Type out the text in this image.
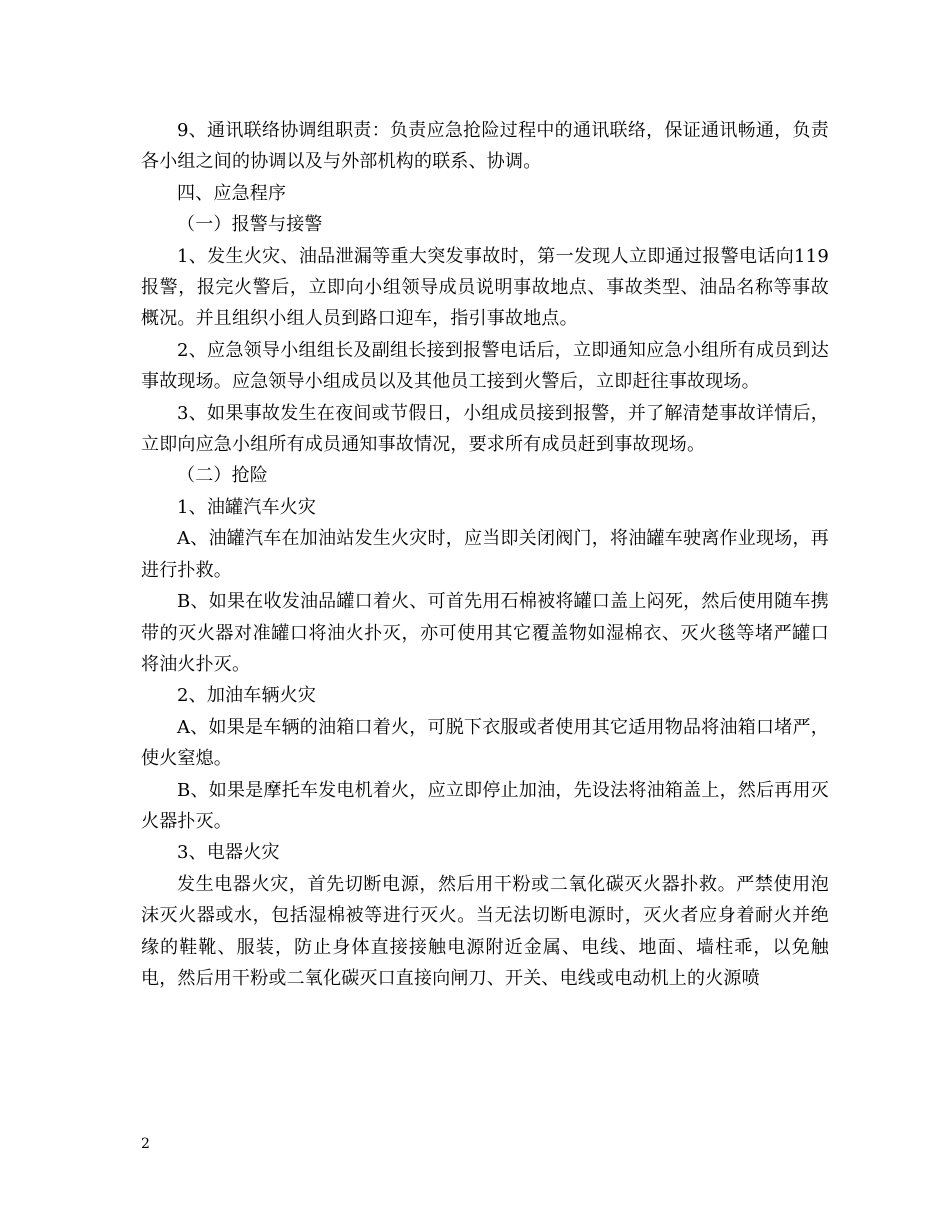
9、通讯联络协调组职责：负责应急抢险过程中的通讯联络，保证通讯畅通，负责各小组之间的协调以及与外部机构的联系、协调。

四、应急程序

（一）报警与接警

1、发生火灾、油品泄漏等重大突发事故时，第一发现人立即通过报警电话向119报警，报完火警后，立即向小组领导成员说明事故地点、事故类型、油品名称等事故概况。并且组织小组人员到路口迎车，指引事故地点。

2、应急领导小组组长及副组长接到报警电话后，立即通知应急小组所有成员到达事故现场。应急领导小组成员以及其他员工接到火警后，立即赶往事故现场。

3、如果事故发生在夜间或节假日，小组成员接到报警，并了解清楚事故详情后，立即向应急小组所有成员通知事故情况，要求所有成员赶到事故现场。

（二）抢险

1、油罐汽车火灾

A、油罐汽车在加油站发生火灾时，应当即关闭阀门，将油罐车驶离作业现场，再进行扑救。

B、如果在收发油品罐口着火、可首先用石棉被将罐口盖上闷死，然后使用随车携带的灭火器对准罐口将油火扑灭，亦可使用其它覆盖物如湿棉衣、灭火毯等堵严罐口将油火扑灭。

2、加油车辆火灾

A、如果是车辆的油箱口着火，可脱下衣服或者使用其它适用物品将油箱口堵严，使火窒熄。

B、如果是摩托车发电机着火，应立即停止加油，先设法将油箱盖上，然后再用灭火器扑灭。

3、电器火灾

发生电器火灾，首先切断电源，然后用干粉或二氧化碳灭火器扑救。严禁使用泡沫灭火器或水，包括湿棉被等进行灭火。当无法切断电源时，灭火者应身着耐火并绝缘的鞋靴、服装，防止身体直接接触电源附近金属、电线、地面、墙柱乖，以免触电，然后用干粉或二氧化碳灭口直接向闸刀、开关、电线或电动机上的火源喷

2
